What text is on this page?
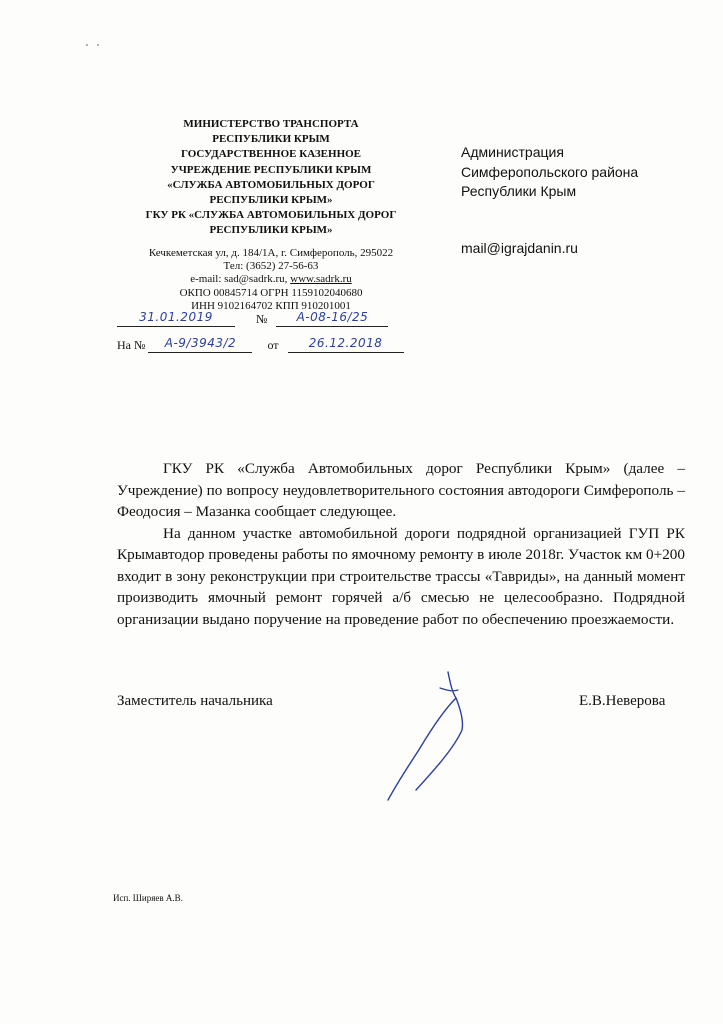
МИНИСТЕРСТВО ТРАНСПОРТА
РЕСПУБЛИКИ КРЫМ
ГОСУДАРСТВЕННОЕ КАЗЕННОЕ
УЧРЕЖДЕНИЕ РЕСПУБЛИКИ КРЫМ
«СЛУЖБА АВТОМОБИЛЬНЫХ ДОРОГ
РЕСПУБЛИКИ КРЫМ»
ГКУ РК «СЛУЖБА АВТОМОБИЛЬНЫХ ДОРОГ
РЕСПУБЛИКИ КРЫМ»
Кечкеметская ул, д. 184/1А, г. Симферополь, 295022
Тел: (3652) 27-56-63
e-mail: sad@sadrk.ru, www.sadrk.ru
ОКПО 00845714 ОГРН 1159102040680
ИНН 9102164702 КПП 910201001
31.01.2019	№	А-08-16/25
На №	А-9/3943/2	от	26.12.2018
Администрация
Симферопольского района
Республики Крым
mail@igrajdanin.ru

ГКУ РК «Служба Автомобильных дорог Республики Крым» (далее – Учреждение) по вопросу неудовлетворительного состояния автодороги Симферополь – Феодосия – Мазанка сообщает следующее.

На данном участке автомобильной дороги подрядной организацией ГУП РК Крымавтодор проведены работы по ямочному ремонту в июле 2018г. Участок км 0+200 входит в зону реконструкции при строительстве трассы «Тавриды», на данный момент производить ямочный ремонт горячей а/б смесью не целесообразно. Подрядной организации выдано поручение на проведение работ по обеспечению проезжаемости.

Заместитель начальника	Е.В.Неверова
Исп. Ширяев А.В.
